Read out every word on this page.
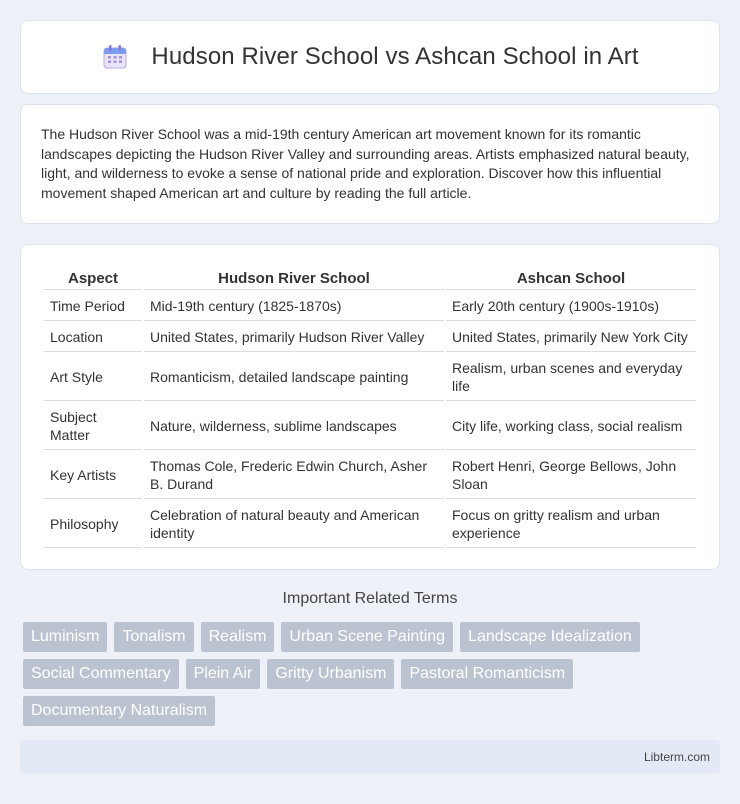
Hudson River School vs Ashcan School in Art

The Hudson River School was a mid-19th century American art movement known for its romantic landscapes depicting the Hudson River Valley and surrounding areas. Artists emphasized natural beauty, light, and wilderness to evoke a sense of national pride and exploration. Discover how this influential movement shaped American art and culture by reading the full article.

Aspect	Hudson River School	Ashcan School
Time Period	Mid-19th century (1825-1870s)	Early 20th century (1900s-1910s)
Location	United States, primarily Hudson River Valley	United States, primarily New York City
Art Style	Romanticism, detailed landscape painting	Realism, urban scenes and everyday life
Subject Matter	Nature, wilderness, sublime landscapes	City life, working class, social realism
Key Artists	Thomas Cole, Frederic Edwin Church, Asher B. Durand	Robert Henri, George Bellows, John Sloan
Philosophy	Celebration of natural beauty and American identity	Focus on gritty realism and urban experience
Important Related Terms
Luminism	Tonalism	Realism	Urban Scene Painting	Landscape Idealization
Social Commentary	Plein Air	Gritty Urbanism	Pastoral Romanticism
Documentary Naturalism
Libterm.com
